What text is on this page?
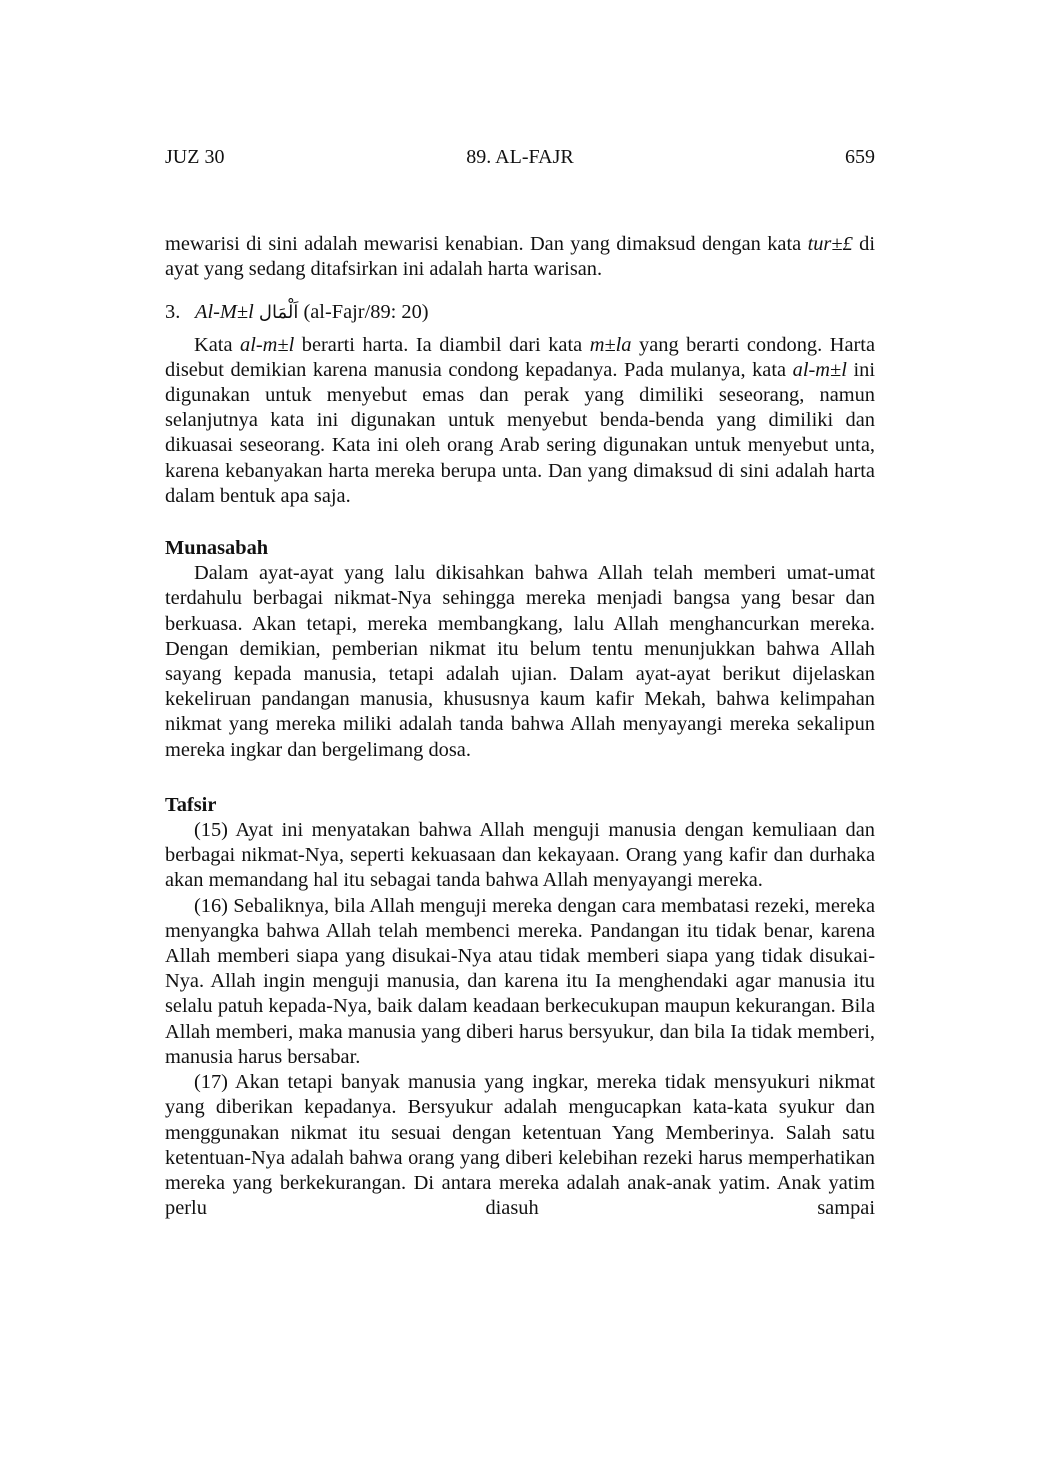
JUZ 30	89. AL-FAJR	659

mewarisi di sini adalah mewarisi kenabian. Dan yang dimaksud dengan kata tur±£ di ayat yang sedang ditafsirkan ini adalah harta warisan.

3. Al-M±l اَلْمَال (al-Fajr/89: 20)

Kata al-m±l berarti harta. Ia diambil dari kata m±la yang berarti condong. Harta disebut demikian karena manusia condong kepadanya. Pada mulanya, kata al-m±l ini digunakan untuk menyebut emas dan perak yang dimiliki seseorang, namun selanjutnya kata ini digunakan untuk menyebut benda-benda yang dimiliki dan dikuasai seseorang. Kata ini oleh orang Arab sering digunakan untuk menyebut unta, karena kebanyakan harta mereka berupa unta. Dan yang dimaksud di sini adalah harta dalam bentuk apa saja.

Munasabah

Dalam ayat-ayat yang lalu dikisahkan bahwa Allah telah memberi umat-umat terdahulu berbagai nikmat-Nya sehingga mereka menjadi bangsa yang besar dan berkuasa. Akan tetapi, mereka membangkang, lalu Allah menghancurkan mereka. Dengan demikian, pemberian nikmat itu belum tentu menunjukkan bahwa Allah sayang kepada manusia, tetapi adalah ujian. Dalam ayat-ayat berikut dijelaskan kekeliruan pandangan manusia, khususnya kaum kafir Mekah, bahwa kelimpahan nikmat yang mereka miliki adalah tanda bahwa Allah menyayangi mereka sekalipun mereka ingkar dan bergelimang dosa.

Tafsir

(15) Ayat ini menyatakan bahwa Allah menguji manusia dengan kemuliaan dan berbagai nikmat-Nya, seperti kekuasaan dan kekayaan. Orang yang kafir dan durhaka akan memandang hal itu sebagai tanda bahwa Allah menyayangi mereka.

(16) Sebaliknya, bila Allah menguji mereka dengan cara membatasi rezeki, mereka menyangka bahwa Allah telah membenci mereka. Pandangan itu tidak benar, karena Allah memberi siapa yang disukai-Nya atau tidak memberi siapa yang tidak disukai-Nya. Allah ingin menguji manusia, dan karena itu Ia menghendaki agar manusia itu selalu patuh kepada-Nya, baik dalam keadaan berkecukupan maupun kekurangan. Bila Allah memberi, maka manusia yang diberi harus bersyukur, dan bila Ia tidak memberi, manusia harus bersabar.

(17) Akan tetapi banyak manusia yang ingkar, mereka tidak mensyukuri nikmat yang diberikan kepadanya. Bersyukur adalah mengucapkan kata-kata syukur dan menggunakan nikmat itu sesuai dengan ketentuan Yang Memberinya. Salah satu ketentuan-Nya adalah bahwa orang yang diberi kelebihan rezeki harus memperhatikan mereka yang berkekurangan. Di antara mereka adalah anak-anak yatim. Anak yatim perlu diasuh sampai
